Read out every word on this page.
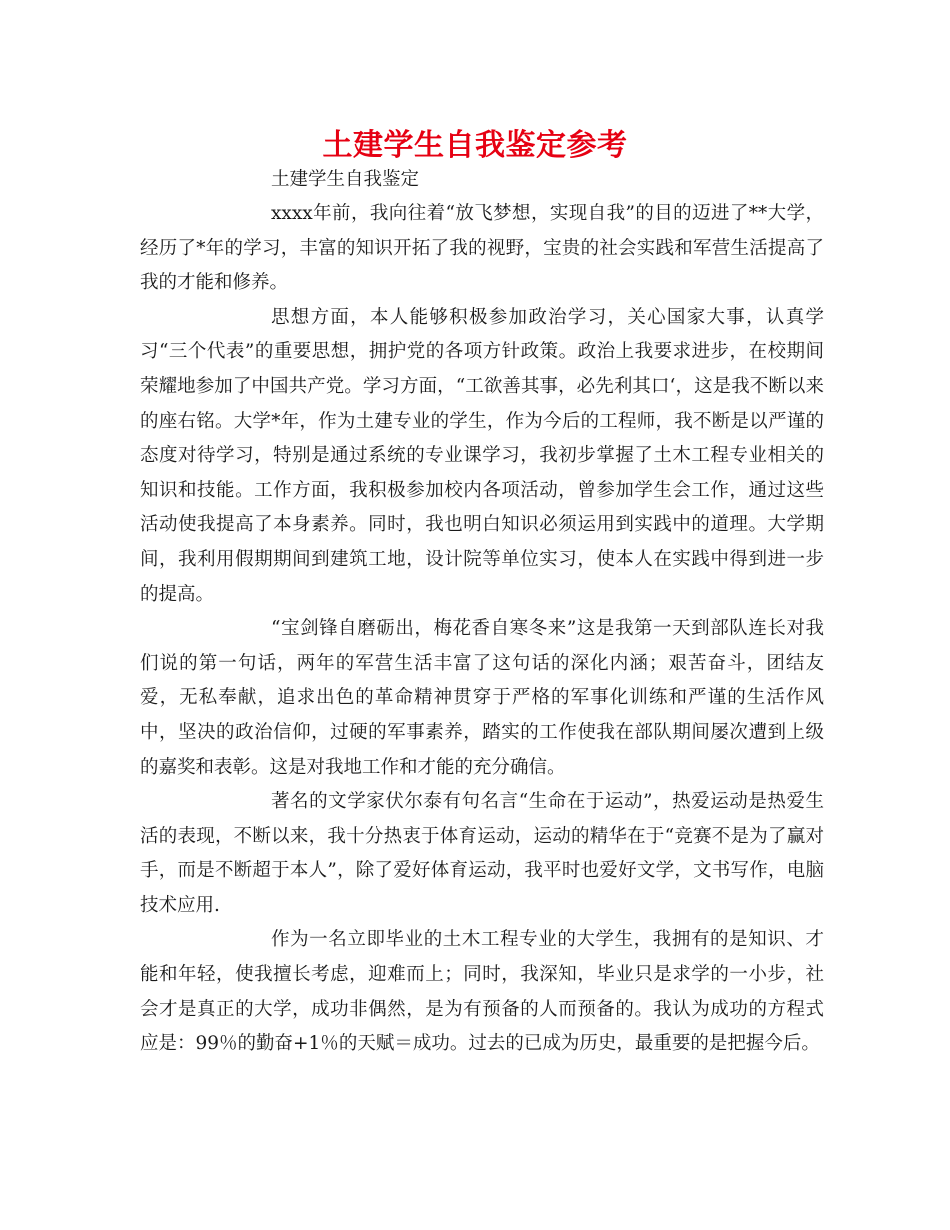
土建学生自我鉴定参考

土建学生自我鉴定

xxxx年前，我向往着“放飞梦想，实现自我”的目的迈进了**大学，经历了*年的学习，丰富的知识开拓了我的视野，宝贵的社会实践和军营生活提高了我的才能和修养。

思想方面，本人能够积极参加政治学习，关心国家大事，认真学习“三个代表”的重要思想，拥护党的各项方针政策。政治上我要求进步，在校期间荣耀地参加了中国共产党。学习方面，“工欲善其事，必先利其口‘，这是我不断以来的座右铭。大学*年，作为土建专业的学生，作为今后的工程师，我不断是以严谨的态度对待学习，特别是通过系统的专业课学习，我初步掌握了土木工程专业相关的知识和技能。工作方面，我积极参加校内各项活动，曾参加学生会工作，通过这些活动使我提高了本身素养。同时，我也明白知识必须运用到实践中的道理。大学期间，我利用假期期间到建筑工地，设计院等单位实习，使本人在实践中得到进一步的提高。

“宝剑锋自磨砺出，梅花香自寒冬来”这是我第一天到部队连长对我们说的第一句话，两年的军营生活丰富了这句话的深化内涵；艰苦奋斗，团结友爱，无私奉献，追求出色的革命精神贯穿于严格的军事化训练和严谨的生活作风中，坚决的政治信仰，过硬的军事素养，踏实的工作使我在部队期间屡次遭到上级的嘉奖和表彰。这是对我地工作和才能的充分确信。

著名的文学家伏尔泰有句名言“生命在于运动”，热爱运动是热爱生活的表现，不断以来，我十分热衷于体育运动，运动的精华在于“竞赛不是为了赢对手，而是不断超于本人”，除了爱好体育运动，我平时也爱好文学，文书写作，电脑技术应用.

作为一名立即毕业的土木工程专业的大学生，我拥有的是知识、才能和年轻，使我擅长考虑，迎难而上；同时，我深知，毕业只是求学的一小步，社会才是真正的大学，成功非偶然，是为有预备的人而预备的。我认为成功的方程式应是：99％的勤奋+1％的天赋＝成功。过去的已成为历史，最重要的是把握今后。
